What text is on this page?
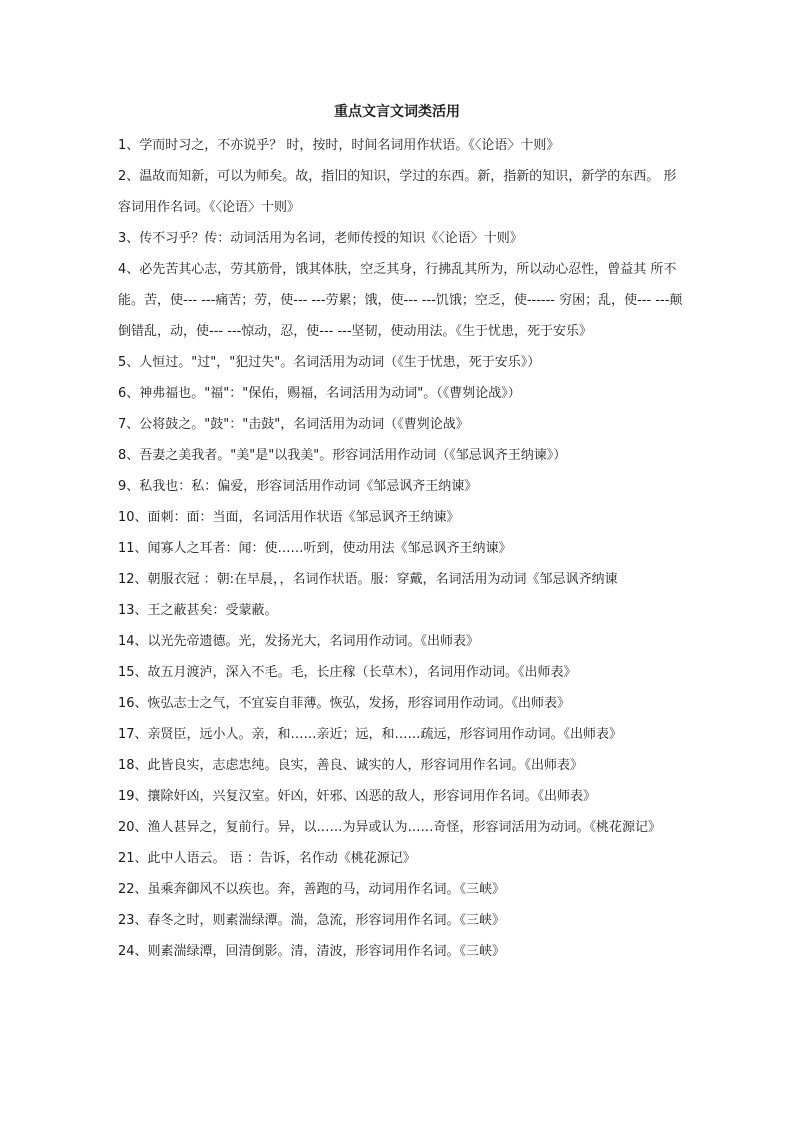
重点文言文词类活用
1、学而时习之，不亦说乎？ 时，按时，时间名词用作状语。《〈论语〉十则》
2、温故而知新，可以为师矣。故，指旧的知识，学过的东西。新，指新的知识，新学的东西。 形容词用作名词。《〈论语〉十则》
3、传不习乎？传：动词活用为名词，老师传授的知识《〈论语〉十则》
4、必先苦其心志，劳其筋骨，饿其体肤，空乏其身，行拂乱其所为，所以动心忍性，曾益其 所不能。苦，使--- ---痛苦；劳，使--- ---劳累；饿，使--- ---饥饿；空乏，使------ 穷困；乱，使--- ---颠倒错乱，动，使--- ---惊动，忍，使--- ---坚韧，使动用法。《生于忧患，死于安乐》
5、人恒过。"过"，"犯过失"。名词活用为动词（《生于忧患，死于安乐》）
6、神弗福也。"福"："保佑，赐福，名词活用为动词"。（《曹刿论战》）
7、公将鼓之。"鼓"："击鼓"，名词活用为动词（《曹刿论战》
8、吾妻之美我者。"美"是"以我美"。形容词活用作动词（《邹忌讽齐王纳谏》）
9、私我也：私：偏爱，形容词活用作动词《邹忌讽齐王纳谏》
10、面刺：面：当面，名词活用作状语《邹忌讽齐王纳谏》
11、闻寡人之耳者：闻：使……听到，使动用法《邹忌讽齐王纳谏》
12、朝服衣冠 ：朝:在早晨，，名词作状语。服：穿戴，名词活用为动词《邹忌讽齐纳谏
13、王之蔽甚矣：受蒙蔽。
14、以光先帝遗德。光，发扬光大，名词用作动词。《出师表》
15、故五月渡泸，深入不毛。毛，长庄稼（长草木），名词用作动词。《出师表》
16、恢弘志士之气，不宜妄自菲薄。恢弘，发扬，形容词用作动词。《出师表》
17、亲贤臣，远小人。亲，和……亲近；远，和……疏远，形容词用作动词。《出师表》
18、此皆良实，志虑忠纯。良实，善良、诚实的人，形容词用作名词。《出师表》
19、攘除奸凶，兴复汉室。奸凶，奸邪、凶恶的敌人，形容词用作名词。《出师表》
20、渔人甚异之，复前行。异，以……为异或认为……奇怪，形容词活用为动词。《桃花源记》
21、此中人语云。 语 ：告诉，名作动《桃花源记》
22、虽乘奔御风不以疾也。奔，善跑的马，动词用作名词。《三峡》
23、春冬之时，则素湍绿潭。湍，急流，形容词用作名词。《三峡》
24、则素湍绿潭，回清倒影。清，清波，形容词用作名词。《三峡》
